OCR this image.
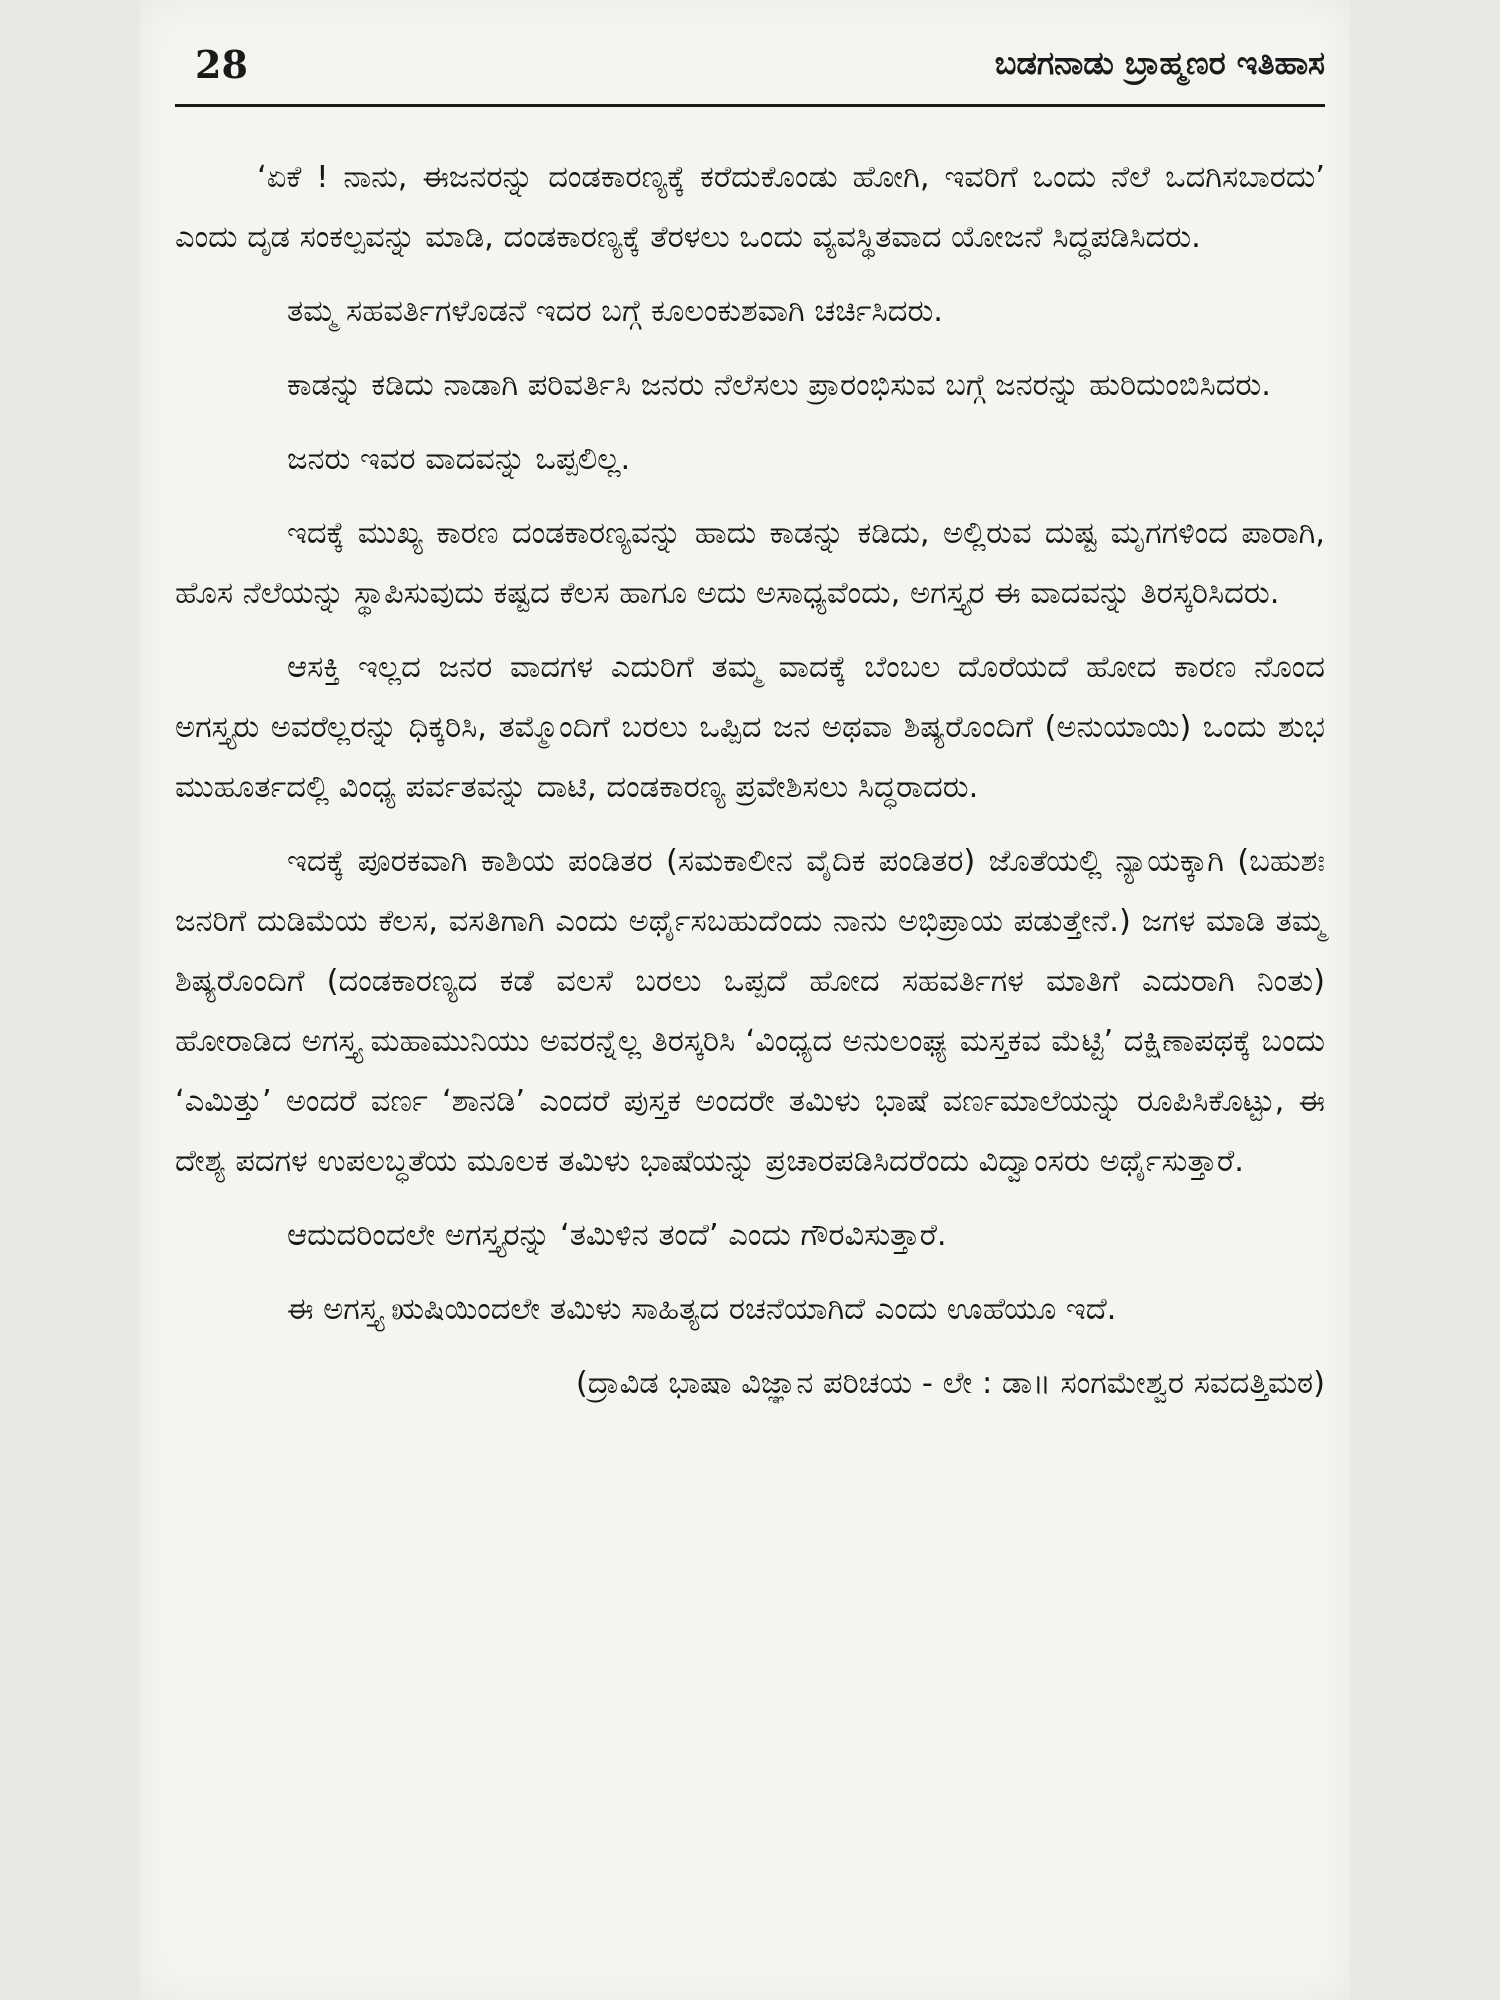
28	ಬಡಗನಾಡು ಬ್ರಾಹ್ಮಣರ ಇತಿಹಾಸ

‘ಏಕೆ ! ನಾನು, ಈಜನರನ್ನು ದಂಡಕಾರಣ್ಯಕ್ಕೆ ಕರೆದುಕೊಂಡು ಹೋಗಿ, ಇವರಿಗೆ ಒಂದು ನೆಲೆ ಒದಗಿಸಬಾರದು’ ಎಂದು ದೃಡ ಸಂಕಲ್ಪವನ್ನು ಮಾಡಿ, ದಂಡಕಾರಣ್ಯಕ್ಕೆ ತೆರಳಲು ಒಂದು ವ್ಯವಸ್ಥಿತವಾದ ಯೋಜನೆ ಸಿದ್ಧಪಡಿಸಿದರು.

ತಮ್ಮ ಸಹವರ್ತಿಗಳೊಡನೆ ಇದರ ಬಗ್ಗೆ ಕೂಲಂಕುಶವಾಗಿ ಚರ್ಚಿಸಿದರು.

ಕಾಡನ್ನು ಕಡಿದು ನಾಡಾಗಿ ಪರಿವರ್ತಿಸಿ ಜನರು ನೆಲೆಸಲು ಪ್ರಾರಂಭಿಸುವ ಬಗ್ಗೆ ಜನರನ್ನು ಹುರಿದುಂಬಿಸಿದರು.

ಜನರು ಇವರ ವಾದವನ್ನು ಒಪ್ಪಲಿಲ್ಲ.

ಇದಕ್ಕೆ ಮುಖ್ಯ ಕಾರಣ ದಂಡಕಾರಣ್ಯವನ್ನು ಹಾದು ಕಾಡನ್ನು ಕಡಿದು, ಅಲ್ಲಿರುವ ದುಷ್ಟ ಮೃಗಗಳಿಂದ ಪಾರಾಗಿ, ಹೊಸ ನೆಲೆಯನ್ನು ಸ್ಥಾಪಿಸುವುದು ಕಷ್ಟದ ಕೆಲಸ ಹಾಗೂ ಅದು ಅಸಾಧ್ಯವೆಂದು, ಅಗಸ್ತ್ಯರ ಈ ವಾದವನ್ನು ತಿರಸ್ಕರಿಸಿದರು.

ಆಸಕ್ತಿ ಇಲ್ಲದ ಜನರ ವಾದಗಳ ಎದುರಿಗೆ ತಮ್ಮ ವಾದಕ್ಕೆ ಬೆಂಬಲ ದೊರೆಯದೆ ಹೋದ ಕಾರಣ ನೊಂದ ಅಗಸ್ತ್ಯರು ಅವರೆಲ್ಲರನ್ನು ಧಿಕ್ಕರಿಸಿ, ತಮ್ಮೊಂದಿಗೆ ಬರಲು ಒಪ್ಪಿದ ಜನ ಅಥವಾ ಶಿಷ್ಯರೊಂದಿಗೆ (ಅನುಯಾಯಿ) ಒಂದು ಶುಭ ಮುಹೂರ್ತದಲ್ಲಿ ವಿಂಧ್ಯ ಪರ್ವತವನ್ನು ದಾಟಿ, ದಂಡಕಾರಣ್ಯ ಪ್ರವೇಶಿಸಲು ಸಿದ್ಧರಾದರು.

ಇದಕ್ಕೆ ಪೂರಕವಾಗಿ ಕಾಶಿಯ ಪಂಡಿತರ (ಸಮಕಾಲೀನ ವೈದಿಕ ಪಂಡಿತರ) ಜೊತೆಯಲ್ಲಿ ನ್ಯಾಯಕ್ಕಾಗಿ (ಬಹುಶಃ ಜನರಿಗೆ ದುಡಿಮೆಯ ಕೆಲಸ, ವಸತಿಗಾಗಿ ಎಂದು ಅರ್ಥೈಸಬಹುದೆಂದು ನಾನು ಅಭಿಪ್ರಾಯ ಪಡುತ್ತೇನೆ.) ಜಗಳ ಮಾಡಿ ತಮ್ಮ ಶಿಷ್ಯರೊಂದಿಗೆ (ದಂಡಕಾರಣ್ಯದ ಕಡೆ ವಲಸೆ ಬರಲು ಒಪ್ಪದೆ ಹೋದ ಸಹವರ್ತಿಗಳ ಮಾತಿಗೆ ಎದುರಾಗಿ ನಿಂತು) ಹೋರಾಡಿದ ಅಗಸ್ತ್ಯ ಮಹಾಮುನಿಯು ಅವರನ್ನೆಲ್ಲ ತಿರಸ್ಕರಿಸಿ ‘ವಿಂಧ್ಯದ ಅನುಲಂಘ್ಯ ಮಸ್ತಕವ ಮೆಟ್ಟಿ’ ದಕ್ಷಿಣಾಪಥಕ್ಕೆ ಬಂದು ‘ಎಮಿತ್ತು’ ಅಂದರೆ ವರ್ಣ ‘ಶಾನಡಿ’ ಎಂದರೆ ಪುಸ್ತಕ ಅಂದರೇ ತಮಿಳು ಭಾಷೆ ವರ್ಣಮಾಲೆಯನ್ನು ರೂಪಿಸಿಕೊಟ್ಟು, ಈ ದೇಶ್ಯ ಪದಗಳ ಉಪಲಬ್ಧತೆಯ ಮೂಲಕ ತಮಿಳು ಭಾಷೆಯನ್ನು ಪ್ರಚಾರಪಡಿಸಿದರೆಂದು ವಿದ್ವಾಂಸರು ಅರ್ಥೈಸುತ್ತಾರೆ.

ಆದುದರಿಂದಲೇ ಅಗಸ್ತ್ಯರನ್ನು ‘ತಮಿಳಿನ ತಂದೆ’ ಎಂದು ಗೌರವಿಸುತ್ತಾರೆ.

ಈ ಅಗಸ್ತ್ಯ ಋಷಿಯಿಂದಲೇ ತಮಿಳು ಸಾಹಿತ್ಯದ ರಚನೆಯಾಗಿದೆ ಎಂದು ಊಹೆಯೂ ಇದೆ.

(ದ್ರಾವಿಡ ಭಾಷಾ ವಿಜ್ಞಾನ ಪರಿಚಯ - ಲೇ : ಡಾ॥ ಸಂಗಮೇಶ್ವರ ಸವದತ್ತಿಮಠ)
